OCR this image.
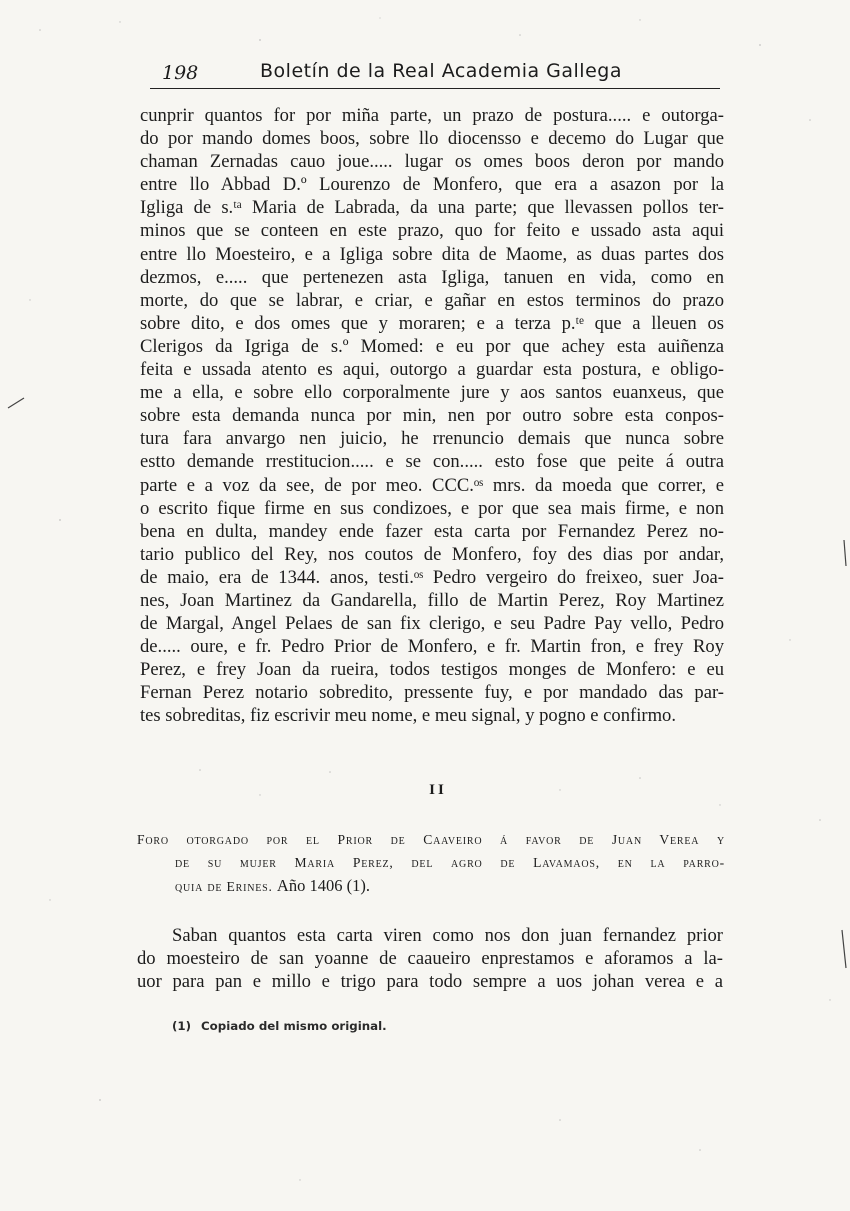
198	Boletín de la Real Academia Gallega
cunprir quantos for por miña parte, un prazo de postura..... e outorga-
do por mando domes boos, sobre llo diocensso e decemo do Lugar que
chaman Zernadas cauo joue..... lugar os omes boos deron por mando
entre llo Abbad D.º Lourenzo de Monfero, que era a asazon por la
Igliga de s.ᵗᵃ Maria de Labrada, da una parte; que llevassen pollos ter-
minos que se conteen en este prazo, quo for feito e ussado asta aqui
entre llo Moesteiro, e a Igliga sobre dita de Maome, as duas partes dos
dezmos, e..... que pertenezen asta Igliga, tanuen en vida, como en
morte, do que se labrar, e criar, e gañar en estos terminos do prazo
sobre dito, e dos omes que y moraren; e a terza p.ᵗᵉ que a lleuen os
Clerigos da Igriga de s.º Momed: e eu por que achey esta auiñenza
feita e ussada atento es aqui, outorgo a guardar esta postura, e obligo-
me a ella, e sobre ello corporalmente jure y aos santos euanxeus, que
sobre esta demanda nunca por min, nen por outro sobre esta conpos-
tura fara anvargo nen juicio, he rrenuncio demais que nunca sobre
estto demande rrestitucion..... e se con..... esto fose que peite á outra
parte e a voz da see, de por meo. CCC.ᵒˢ mrs. da moeda que correr, e
o escrito fique firme en sus condizoes, e por que sea mais firme, e non
bena en dulta, mandey ende fazer esta carta por Fernandez Perez no-
tario publico del Rey, nos coutos de Monfero, foy des dias por andar,
de maio, era de 1344. anos, testi.ᵒˢ Pedro vergeiro do freixeo, suer Joa-
nes, Joan Martinez da Gandarella, fillo de Martin Perez, Roy Martinez
de Margal, Angel Pelaes de san fix clerigo, e seu Padre Pay vello, Pedro
de..... oure, e fr. Pedro Prior de Monfero, e fr. Martin fron, e frey Roy
Perez, e frey Joan da rueira, todos testigos monges de Monfero: e eu
Fernan Perez notario sobredito, pressente fuy, e por mandado das par-
tes sobreditas, fiz escrivir meu nome, e meu signal, y pogno e confirmo.
II
Foro otorgado por el Prior de Caaveiro á favor de Juan Verea y
de su mujer Maria Perez, del agro de Lavamaos, en la parro-
quia de Erines. Año 1406 (1).
Saban quantos esta carta viren como nos don juan fernandez prior
do moesteiro de san yoanne de caaueiro enprestamos e aforamos a la-
uor para pan e millo e trigo para todo sempre a uos johan verea e a
(1) Copiado del mismo original.
